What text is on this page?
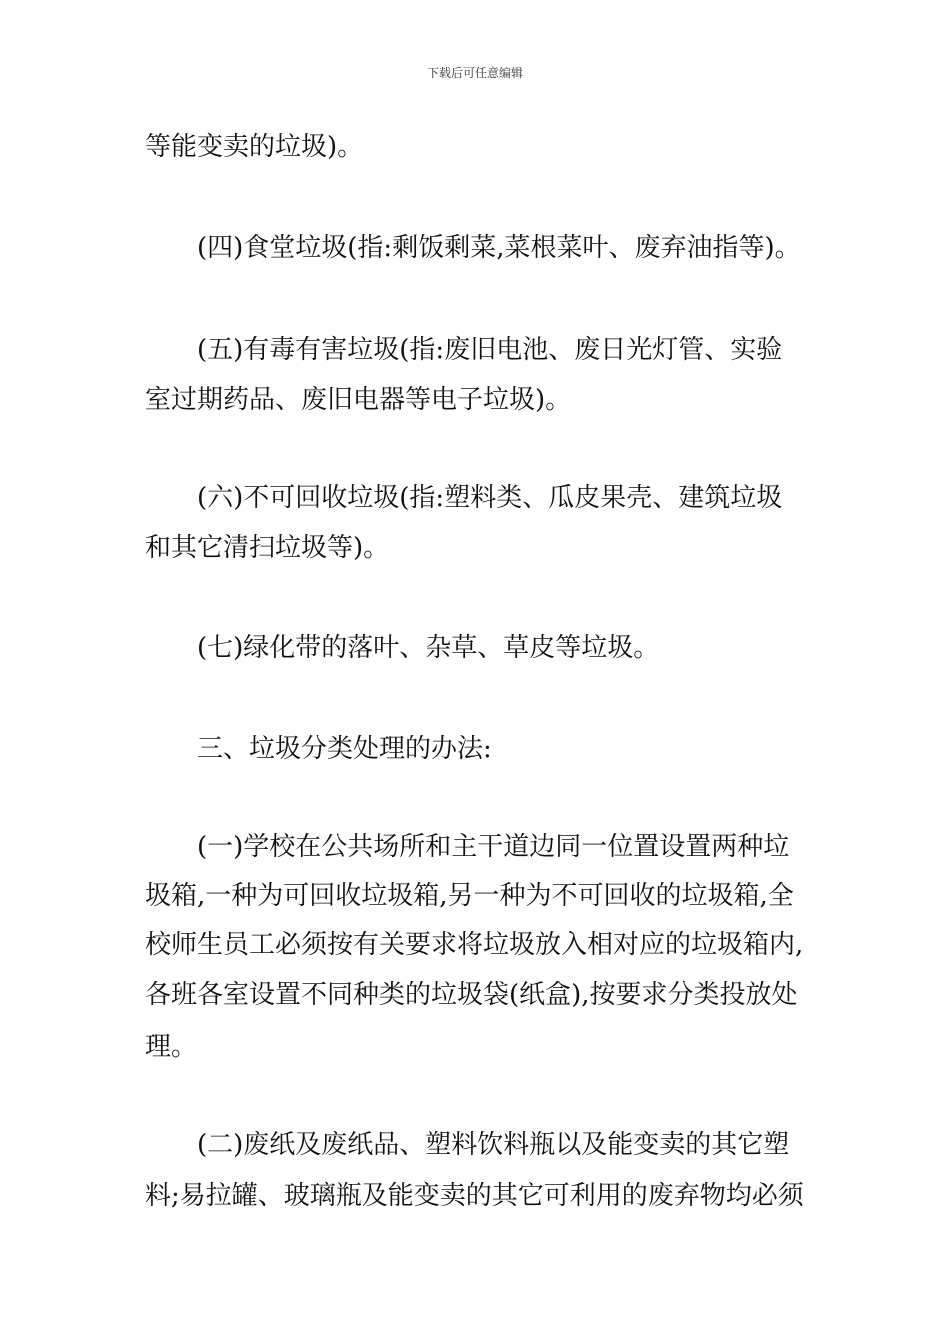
下载后可任意编辑
等能变卖的垃圾)。
(四)食堂垃圾(指:剩饭剩菜,菜根菜叶、废弃油指等)。
(五)有毒有害垃圾(指:废旧电池、废日光灯管、实验
室过期药品、废旧电器等电子垃圾)。
(六)不可回收垃圾(指:塑料类、瓜皮果壳、建筑垃圾
和其它清扫垃圾等)。
(七)绿化带的落叶、杂草、草皮等垃圾。
三、垃圾分类处理的办法:
(一)学校在公共场所和主干道边同一位置设置两种垃
圾箱,一种为可回收垃圾箱,另一种为不可回收的垃圾箱,全
校师生员工必须按有关要求将垃圾放入相对应的垃圾箱内,
各班各室设置不同种类的垃圾袋(纸盒),按要求分类投放处
理。
(二)废纸及废纸品、塑料饮料瓶以及能变卖的其它塑
料;易拉罐、玻璃瓶及能变卖的其它可利用的废弃物均必须
